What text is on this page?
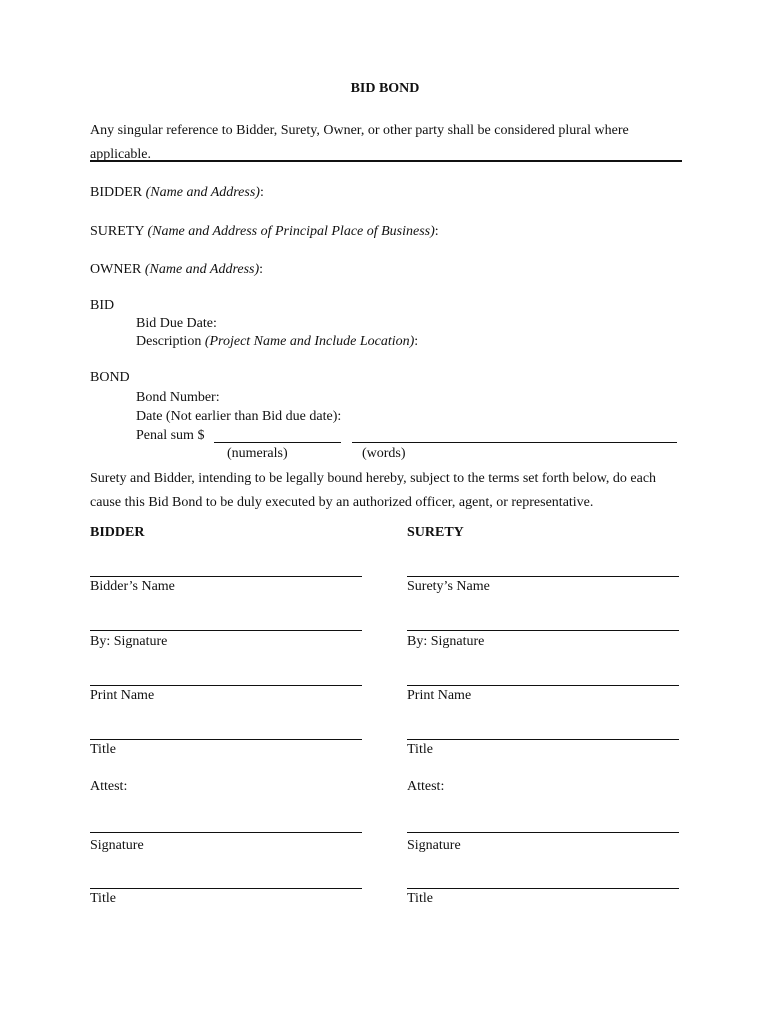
BID BOND
Any singular reference to Bidder, Surety, Owner, or other party shall be considered plural where applicable.
BIDDER (Name and Address):
SURETY (Name and Address of Principal Place of Business):
OWNER (Name and Address):
BID
Bid Due Date:
Description (Project Name and Include Location):
BOND
Bond Number:
Date (Not earlier than Bid due date):
Penal sum $
(numerals)	(words)
Surety and Bidder, intending to be legally bound hereby, subject to the terms set forth below, do each cause this Bid Bond to be duly executed by an authorized officer, agent, or representative.
BIDDER
Bidder’s Name
By: Signature
Print Name
Title
Attest:
Signature
Title
SURETY
Surety’s Name
By: Signature
Print Name
Title
Attest:
Signature
Title
